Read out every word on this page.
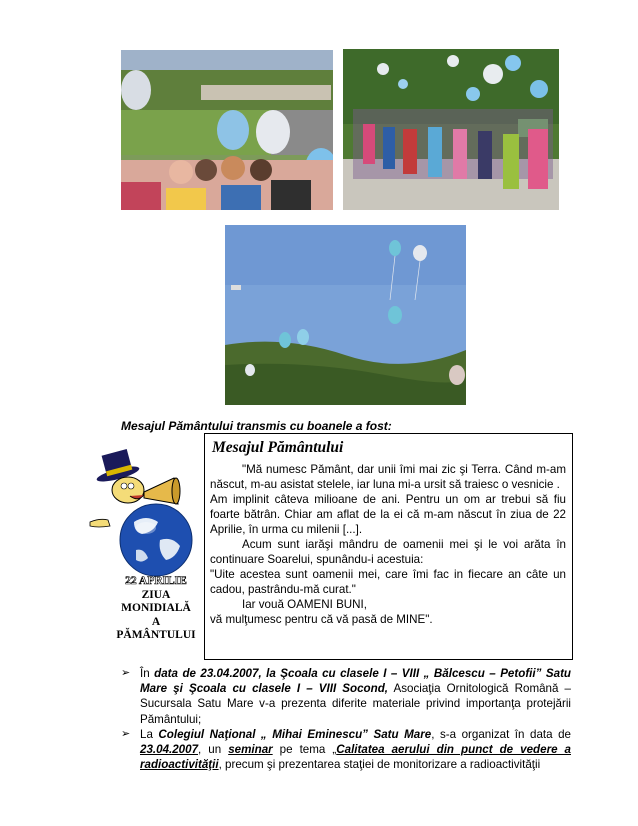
Mesajul Pământului transmis cu boanele a fost:
22 APRILIE
ZIUA
MONIDIALĂ
A
PĂMÂNTULUI
Mesajul Pământului

"Mă numesc Pământ, dar unii îmi mai zic şi Terra. Când m-am născut, m-au asistat stelele, iar luna mi-a ursit să traiesc o vesnicie .

Am implinit câteva milioane de ani. Pentru un om ar trebui să fiu foarte bătrân. Chiar am aflat de la ei că m-am născut în ziua de 22 Aprilie, în urma cu milenii [...].

Acum sunt iarăşi mândru de oamenii mei şi le voi arăta în continuare Soarelui, spunându-i acestuia:

"Uite acestea sunt oamenii mei, care îmi fac in fiecare an câte un cadou, pastrându-mă curat."

Iar vouă OAMENI BUNI,

vă mulţumesc pentru că vă pasă de MINE".

➢ În data de 23.04.2007, la Şcoala cu clasele I – VIII „ Bălcescu – Petofii” Satu Mare şi Şcoala cu clasele I – VIII Socond, Asociaţia Ornitologică Română – Sucursala Satu Mare v-a prezenta diferite materiale privind importanţa protejării Pământului;
➢ La Colegiul Naţional „ Mihai Eminescu” Satu Mare, s-a organizat în data de 23.04.2007, un seminar pe tema „Calitatea aerului din punct de vedere a radioactivităţii, precum şi prezentarea staţiei de monitorizare a radioactivităţii
